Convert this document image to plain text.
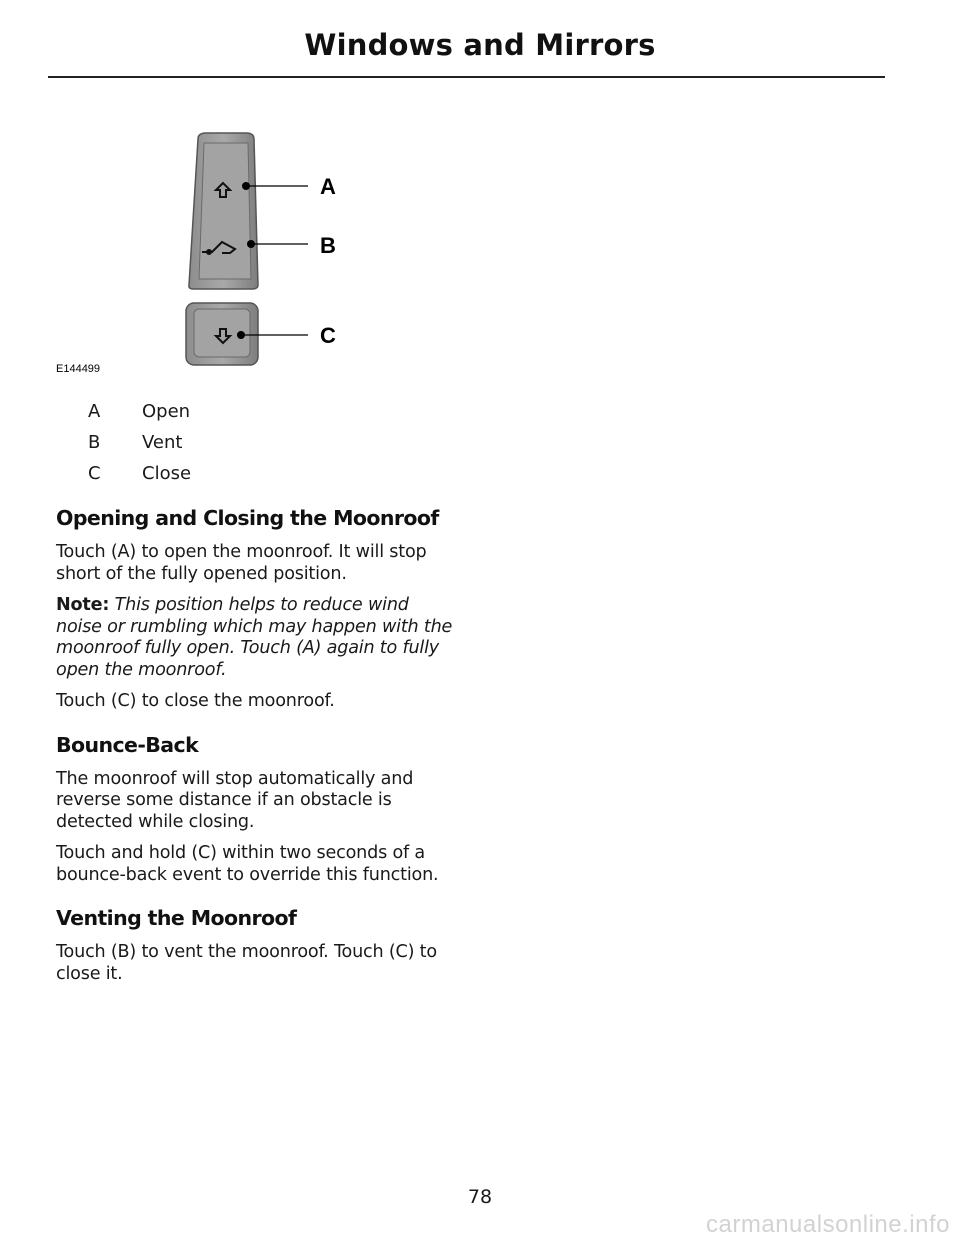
Windows and Mirrors
A
B
C
E144499
A	Open
B	Vent
C	Close
Opening and Closing the Moonroof

Touch (A) to open the moonroof. It will stop short of the fully opened position.

Note: This position helps to reduce wind noise or rumbling which may happen with the moonroof fully open. Touch (A) again to fully open the moonroof.

Touch (C) to close the moonroof.

Bounce-Back

The moonroof will stop automatically and reverse some distance if an obstacle is detected while closing.

Touch and hold (C) within two seconds of a bounce-back event to override this function.

Venting the Moonroof

Touch (B) to vent the moonroof. Touch (C) to close it.

78
carmanualsonline.info
